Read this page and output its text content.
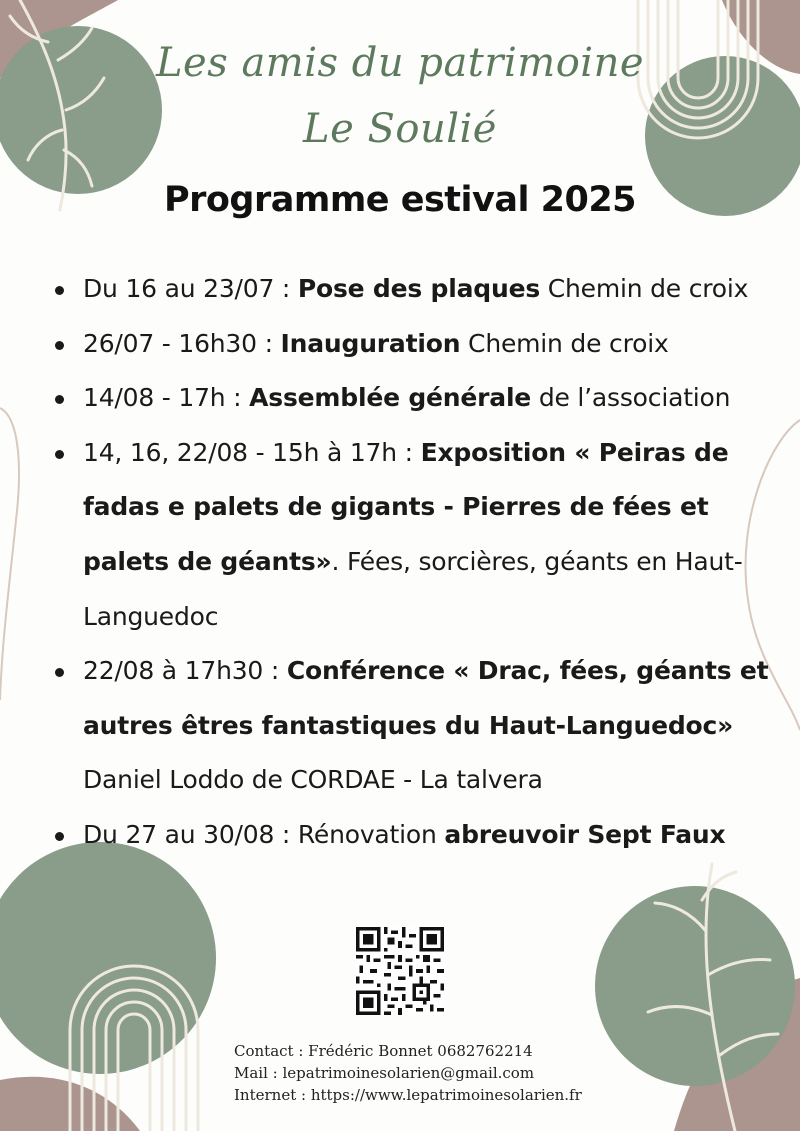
Les amis du patrimoine
Le Soulié
Programme estival 2025
Du 16 au 23/07 : Pose des plaques Chemin de croix
26/07 - 16h30 : Inauguration Chemin de croix
14/08 - 17h : Assemblée générale de l’association
14, 16, 22/08 - 15h à 17h : Exposition « Peiras de fadas e palets de gigants - Pierres de fées et palets de géants». Fées, sorcières, géants en Haut-Languedoc
22/08 à 17h30 : Conférence « Drac, fées, géants et autres êtres fantastiques du Haut-Languedoc» Daniel Loddo de CORDAE - La talvera
Du 27 au 30/08 : Rénovation abreuvoir Sept Faux
Contact : Frédéric Bonnet 0682762214
Mail : lepatrimoinesolarien@gmail.com
Internet : https://www.lepatrimoinesolarien.fr
